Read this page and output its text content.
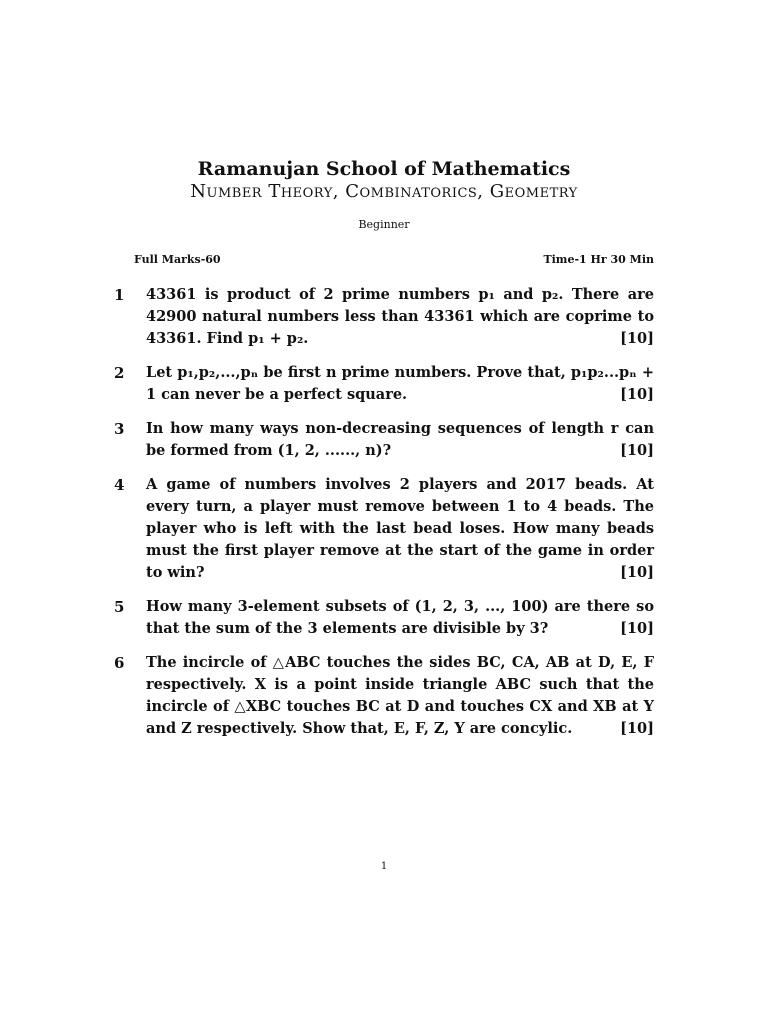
Ramanujan School of Mathematics
Number Theory, Combinatorics, Geometry
Beginner
Full Marks-60	Time-1 Hr 30 Min
1	43361 is product of 2 prime numbers p₁ and p₂. There are 42900 natural numbers less than 43361 which are coprime to 43361. Find p₁ + p₂.	[10]
2	Let p₁,p₂,...,pₙ be first n prime numbers. Prove that, p₁p₂...pₙ + 1 can never be a perfect square.	[10]
3	In how many ways non-decreasing sequences of length r can be formed from (1, 2, ......, n)?	[10]
4	A game of numbers involves 2 players and 2017 beads. At every turn, a player must remove between 1 to 4 beads. The player who is left with the last bead loses. How many beads must the first player remove at the start of the game in order to win?	[10]
5	How many 3-element subsets of (1, 2, 3, ..., 100) are there so that the sum of the 3 elements are divisible by 3?	[10]
6	The incircle of △ABC touches the sides BC, CA, AB at D, E, F respectively. X is a point inside triangle ABC such that the incircle of △XBC touches BC at D and touches CX and XB at Y and Z respectively. Show that, E, F, Z, Y are concylic.	[10]
1
